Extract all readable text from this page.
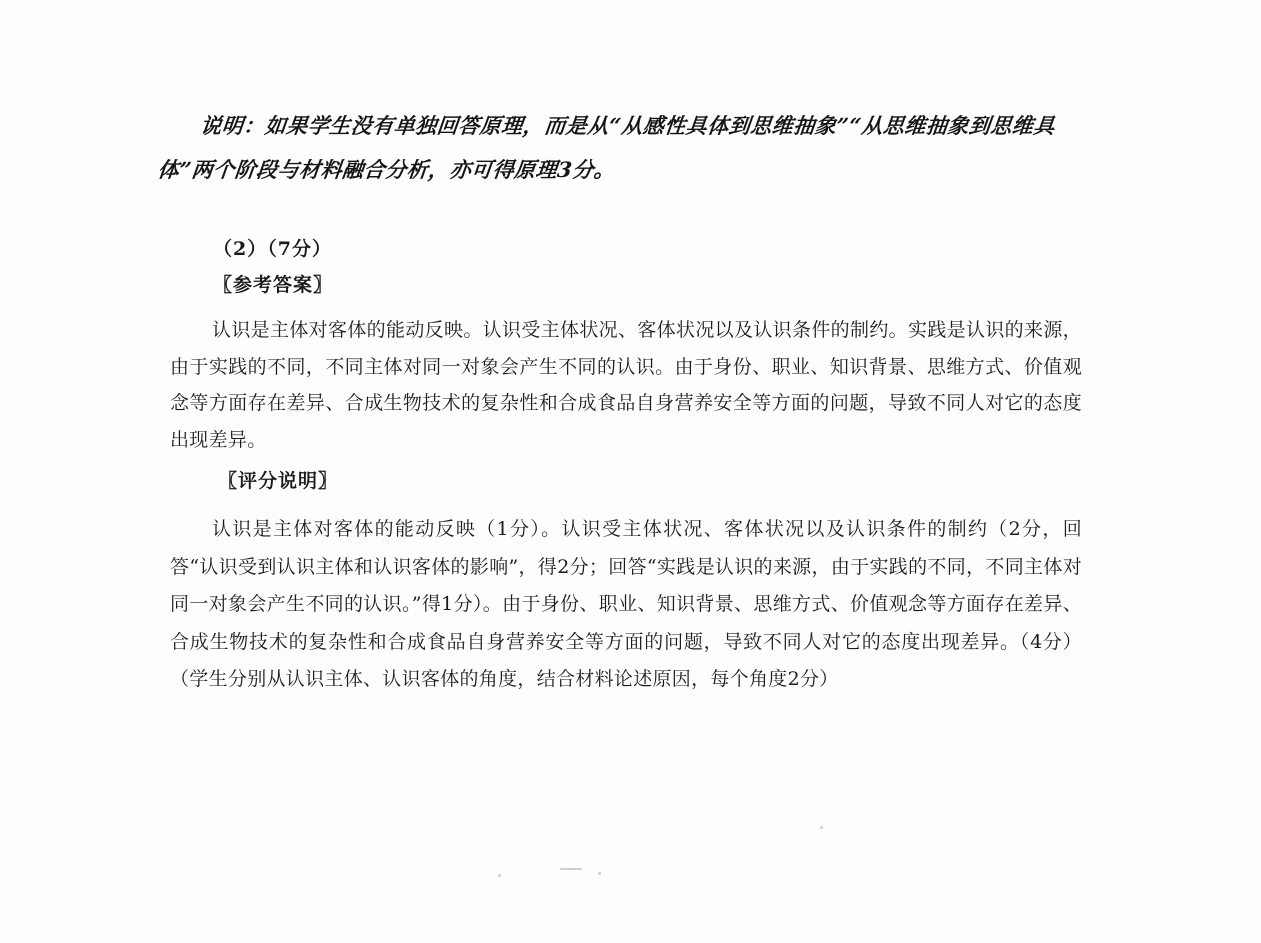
说明：如果学生没有单独回答原理，而是从“从感性具体到思维抽象”“从思维抽象到思维具体”两个阶段与材料融合分析，亦可得原理3分。
（2）（7分）
〖参考答案〗
认识是主体对客体的能动反映。认识受主体状况、客体状况以及认识条件的制约。实践是认识的来源，由于实践的不同，不同主体对同一对象会产生不同的认识。由于身份、职业、知识背景、思维方式、价值观念等方面存在差异、合成生物技术的复杂性和合成食品自身营养安全等方面的问题，导致不同人对它的态度出现差异。
〖评分说明〗
认识是主体对客体的能动反映（1分）。认识受主体状况、客体状况以及认识条件的制约（2分，回答“认识受到认识主体和认识客体的影响”，得2分；回答“实践是认识的来源，由于实践的不同，不同主体对同一对象会产生不同的认识。”得1分）。由于身份、职业、知识背景、思维方式、价值观念等方面存在差异、合成生物技术的复杂性和合成食品自身营养安全等方面的问题，导致不同人对它的态度出现差异。（4分）（学生分别从认识主体、认识客体的角度，结合材料论述原因，每个角度2分）
